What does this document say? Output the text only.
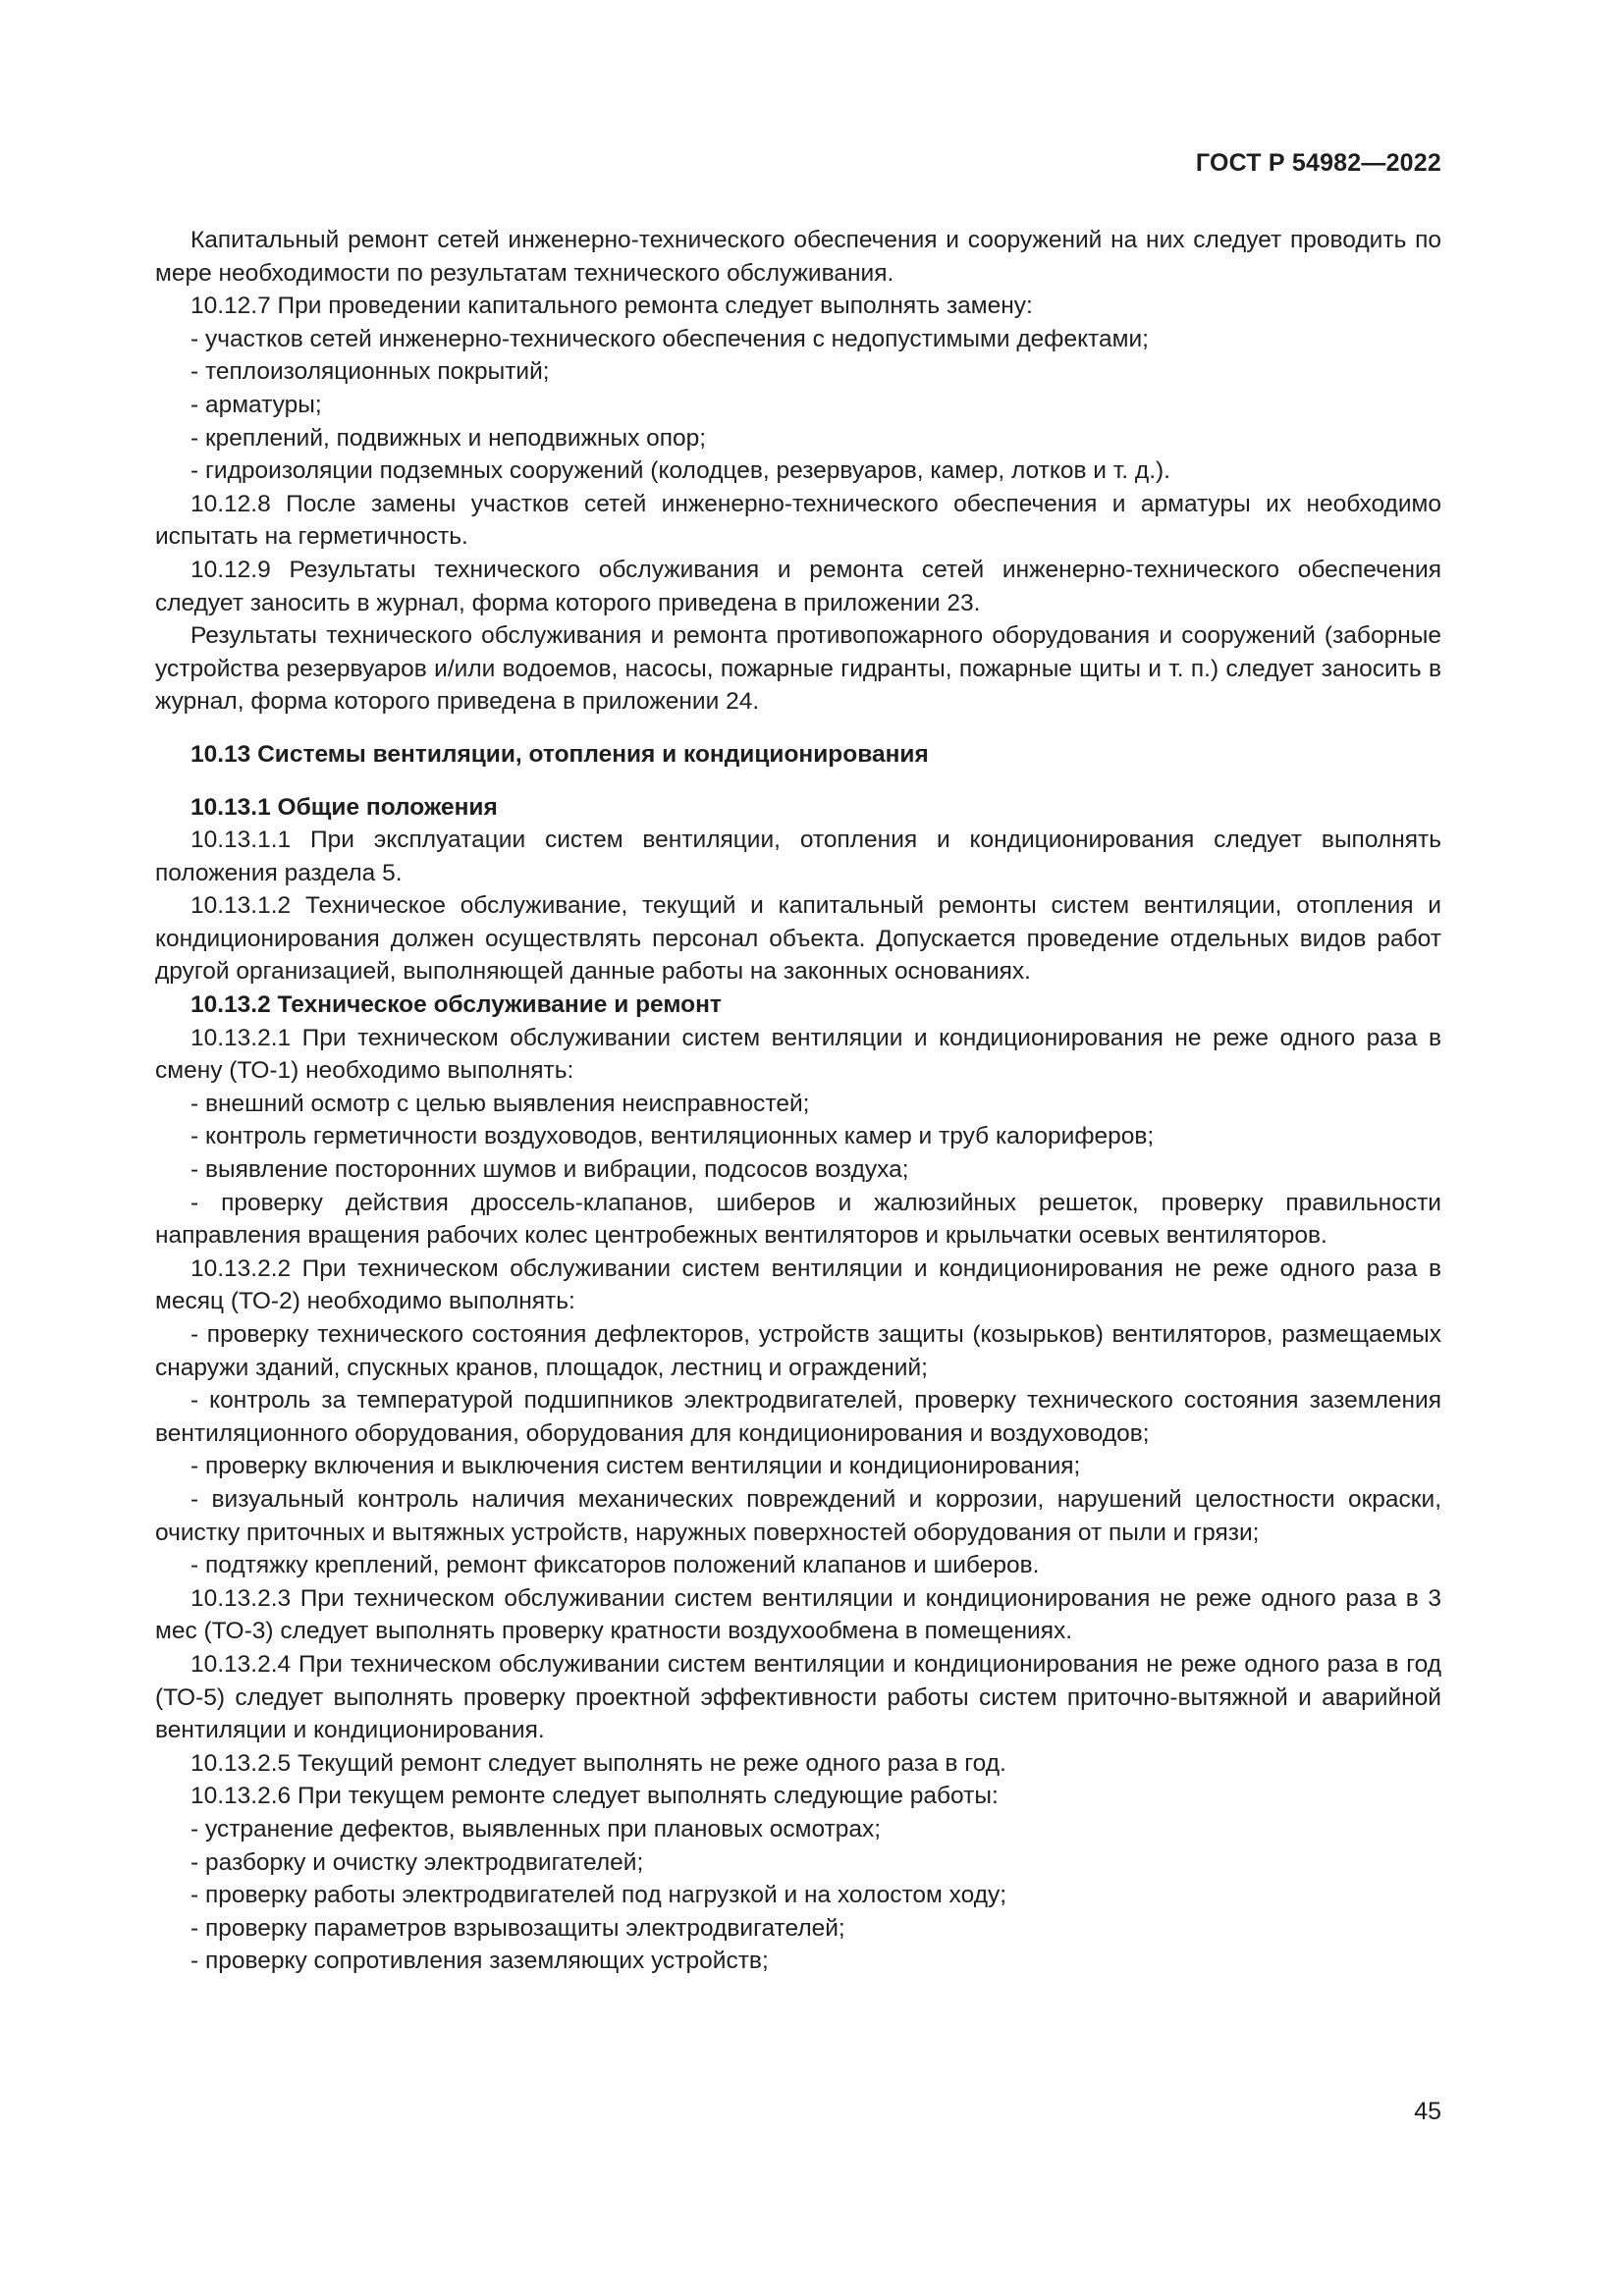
ГОСТ Р 54982—2022

Капитальный ремонт сетей инженерно-технического обеспечения и сооружений на них следует проводить по мере необходимости по результатам технического обслуживания.

10.12.7 При проведении капитального ремонта следует выполнять замену:

- участков сетей инженерно-технического обеспечения с недопустимыми дефектами;

- теплоизоляционных покрытий;

- арматуры;

- креплений, подвижных и неподвижных опор;

- гидроизоляции подземных сооружений (колодцев, резервуаров, камер, лотков и т. д.).

10.12.8 После замены участков сетей инженерно-технического обеспечения и арматуры их необходимо испытать на герметичность.

10.12.9 Результаты технического обслуживания и ремонта сетей инженерно-технического обеспечения следует заносить в журнал, форма которого приведена в приложении 23.

Результаты технического обслуживания и ремонта противопожарного оборудования и сооружений (заборные устройства резервуаров и/или водоемов, насосы, пожарные гидранты, пожарные щиты и т. п.) следует заносить в журнал, форма которого приведена в приложении 24.

10.13 Системы вентиляции, отопления и кондиционирования

10.13.1 Общие положения

10.13.1.1 При эксплуатации систем вентиляции, отопления и кондиционирования следует выполнять положения раздела 5.

10.13.1.2 Техническое обслуживание, текущий и капитальный ремонты систем вентиляции, отопления и кондиционирования должен осуществлять персонал объекта. Допускается проведение отдельных видов работ другой организацией, выполняющей данные работы на законных основаниях.

10.13.2 Техническое обслуживание и ремонт

10.13.2.1 При техническом обслуживании систем вентиляции и кондиционирования не реже одного раза в смену (ТО-1) необходимо выполнять:

- внешний осмотр с целью выявления неисправностей;

- контроль герметичности воздуховодов, вентиляционных камер и труб калориферов;

- выявление посторонних шумов и вибрации, подсосов воздуха;

- проверку действия дроссель-клапанов, шиберов и жалюзийных решеток, проверку правильности направления вращения рабочих колес центробежных вентиляторов и крыльчатки осевых вентиляторов.

10.13.2.2 При техническом обслуживании систем вентиляции и кондиционирования не реже одного раза в месяц (ТО-2) необходимо выполнять:

- проверку технического состояния дефлекторов, устройств защиты (козырьков) вентиляторов, размещаемых снаружи зданий, спускных кранов, площадок, лестниц и ограждений;

- контроль за температурой подшипников электродвигателей, проверку технического состояния заземления вентиляционного оборудования, оборудования для кондиционирования и воздуховодов;

- проверку включения и выключения систем вентиляции и кондиционирования;

- визуальный контроль наличия механических повреждений и коррозии, нарушений целостности окраски, очистку приточных и вытяжных устройств, наружных поверхностей оборудования от пыли и грязи;

- подтяжку креплений, ремонт фиксаторов положений клапанов и шиберов.

10.13.2.3 При техническом обслуживании систем вентиляции и кондиционирования не реже одного раза в 3 мес (ТО-3) следует выполнять проверку кратности воздухообмена в помещениях.

10.13.2.4 При техническом обслуживании систем вентиляции и кондиционирования не реже одного раза в год (ТО-5) следует выполнять проверку проектной эффективности работы систем приточно-вытяжной и аварийной вентиляции и кондиционирования.

10.13.2.5 Текущий ремонт следует выполнять не реже одного раза в год.

10.13.2.6 При текущем ремонте следует выполнять следующие работы:

- устранение дефектов, выявленных при плановых осмотрах;

- разборку и очистку электродвигателей;

- проверку работы электродвигателей под нагрузкой и на холостом ходу;

- проверку параметров взрывозащиты электродвигателей;

- проверку сопротивления заземляющих устройств;

45
